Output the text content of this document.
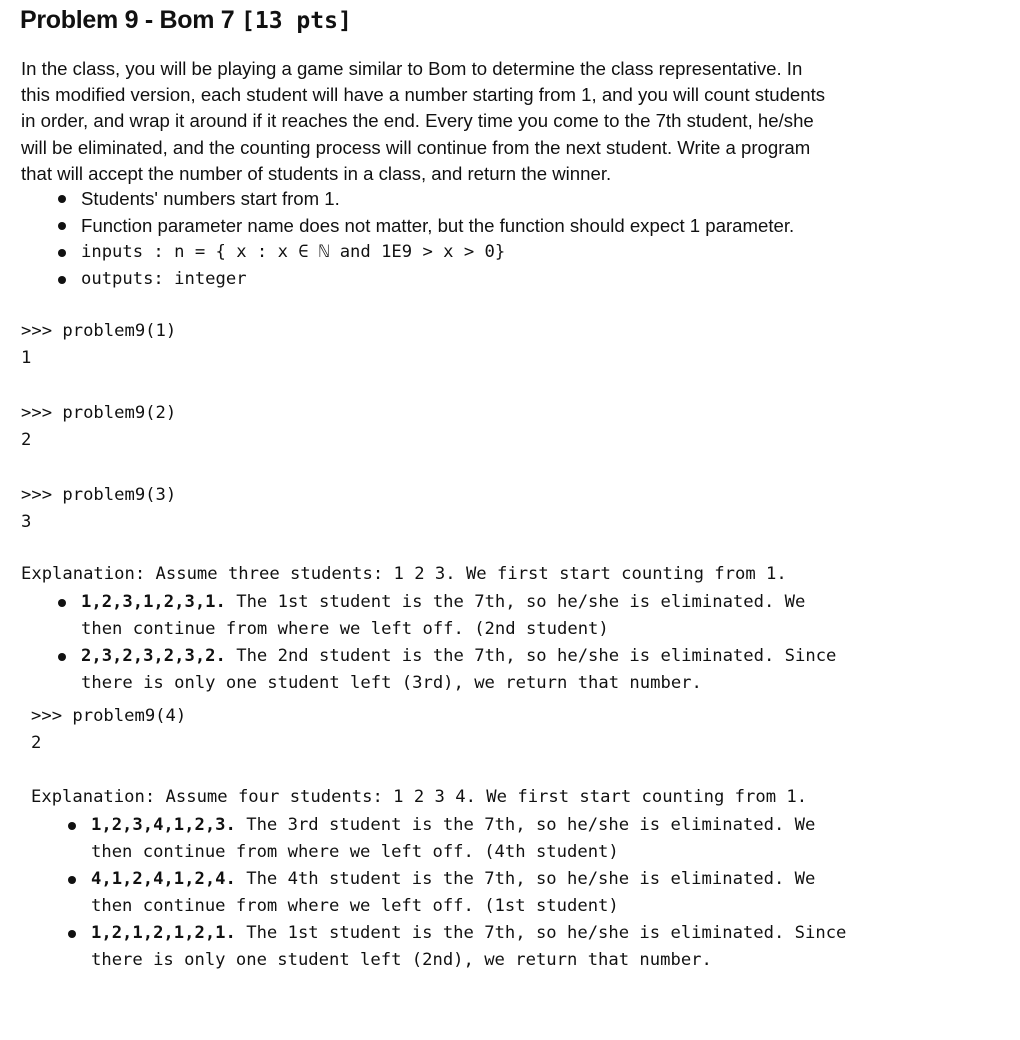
Problem 9 - Bom 7 [13 pts]
In the class, you will be playing a game similar to Bom to determine the class representative. In
this modified version, each student will have a number starting from 1, and you will count students
in order, and wrap it around if it reaches the end. Every time you come to the 7th student, he/she
will be eliminated, and the counting process will continue from the next student. Write a program
that will accept the number of students in a class, and return the winner.
Students' numbers start from 1.
Function parameter name does not matter, but the function should expect 1 parameter.
inputs : n = { x : x ∈ ℕ and 1E9 > x > 0}
outputs: integer
>>> problem9(1)
1
>>> problem9(2)
2
>>> problem9(3)
3
Explanation: Assume three students: 1 2 3. We first start counting from 1.
1,2,3,1,2,3,1. The 1st student is the 7th, so he/she is eliminated. We
then continue from where we left off. (2nd student)
2,3,2,3,2,3,2. The 2nd student is the 7th, so he/she is eliminated. Since
there is only one student left (3rd), we return that number.
>>> problem9(4)
2
Explanation: Assume four students: 1 2 3 4. We first start counting from 1.
1,2,3,4,1,2,3. The 3rd student is the 7th, so he/she is eliminated. We
then continue from where we left off. (4th student)
4,1,2,4,1,2,4. The 4th student is the 7th, so he/she is eliminated. We
then continue from where we left off. (1st student)
1,2,1,2,1,2,1. The 1st student is the 7th, so he/she is eliminated. Since
there is only one student left (2nd), we return that number.
